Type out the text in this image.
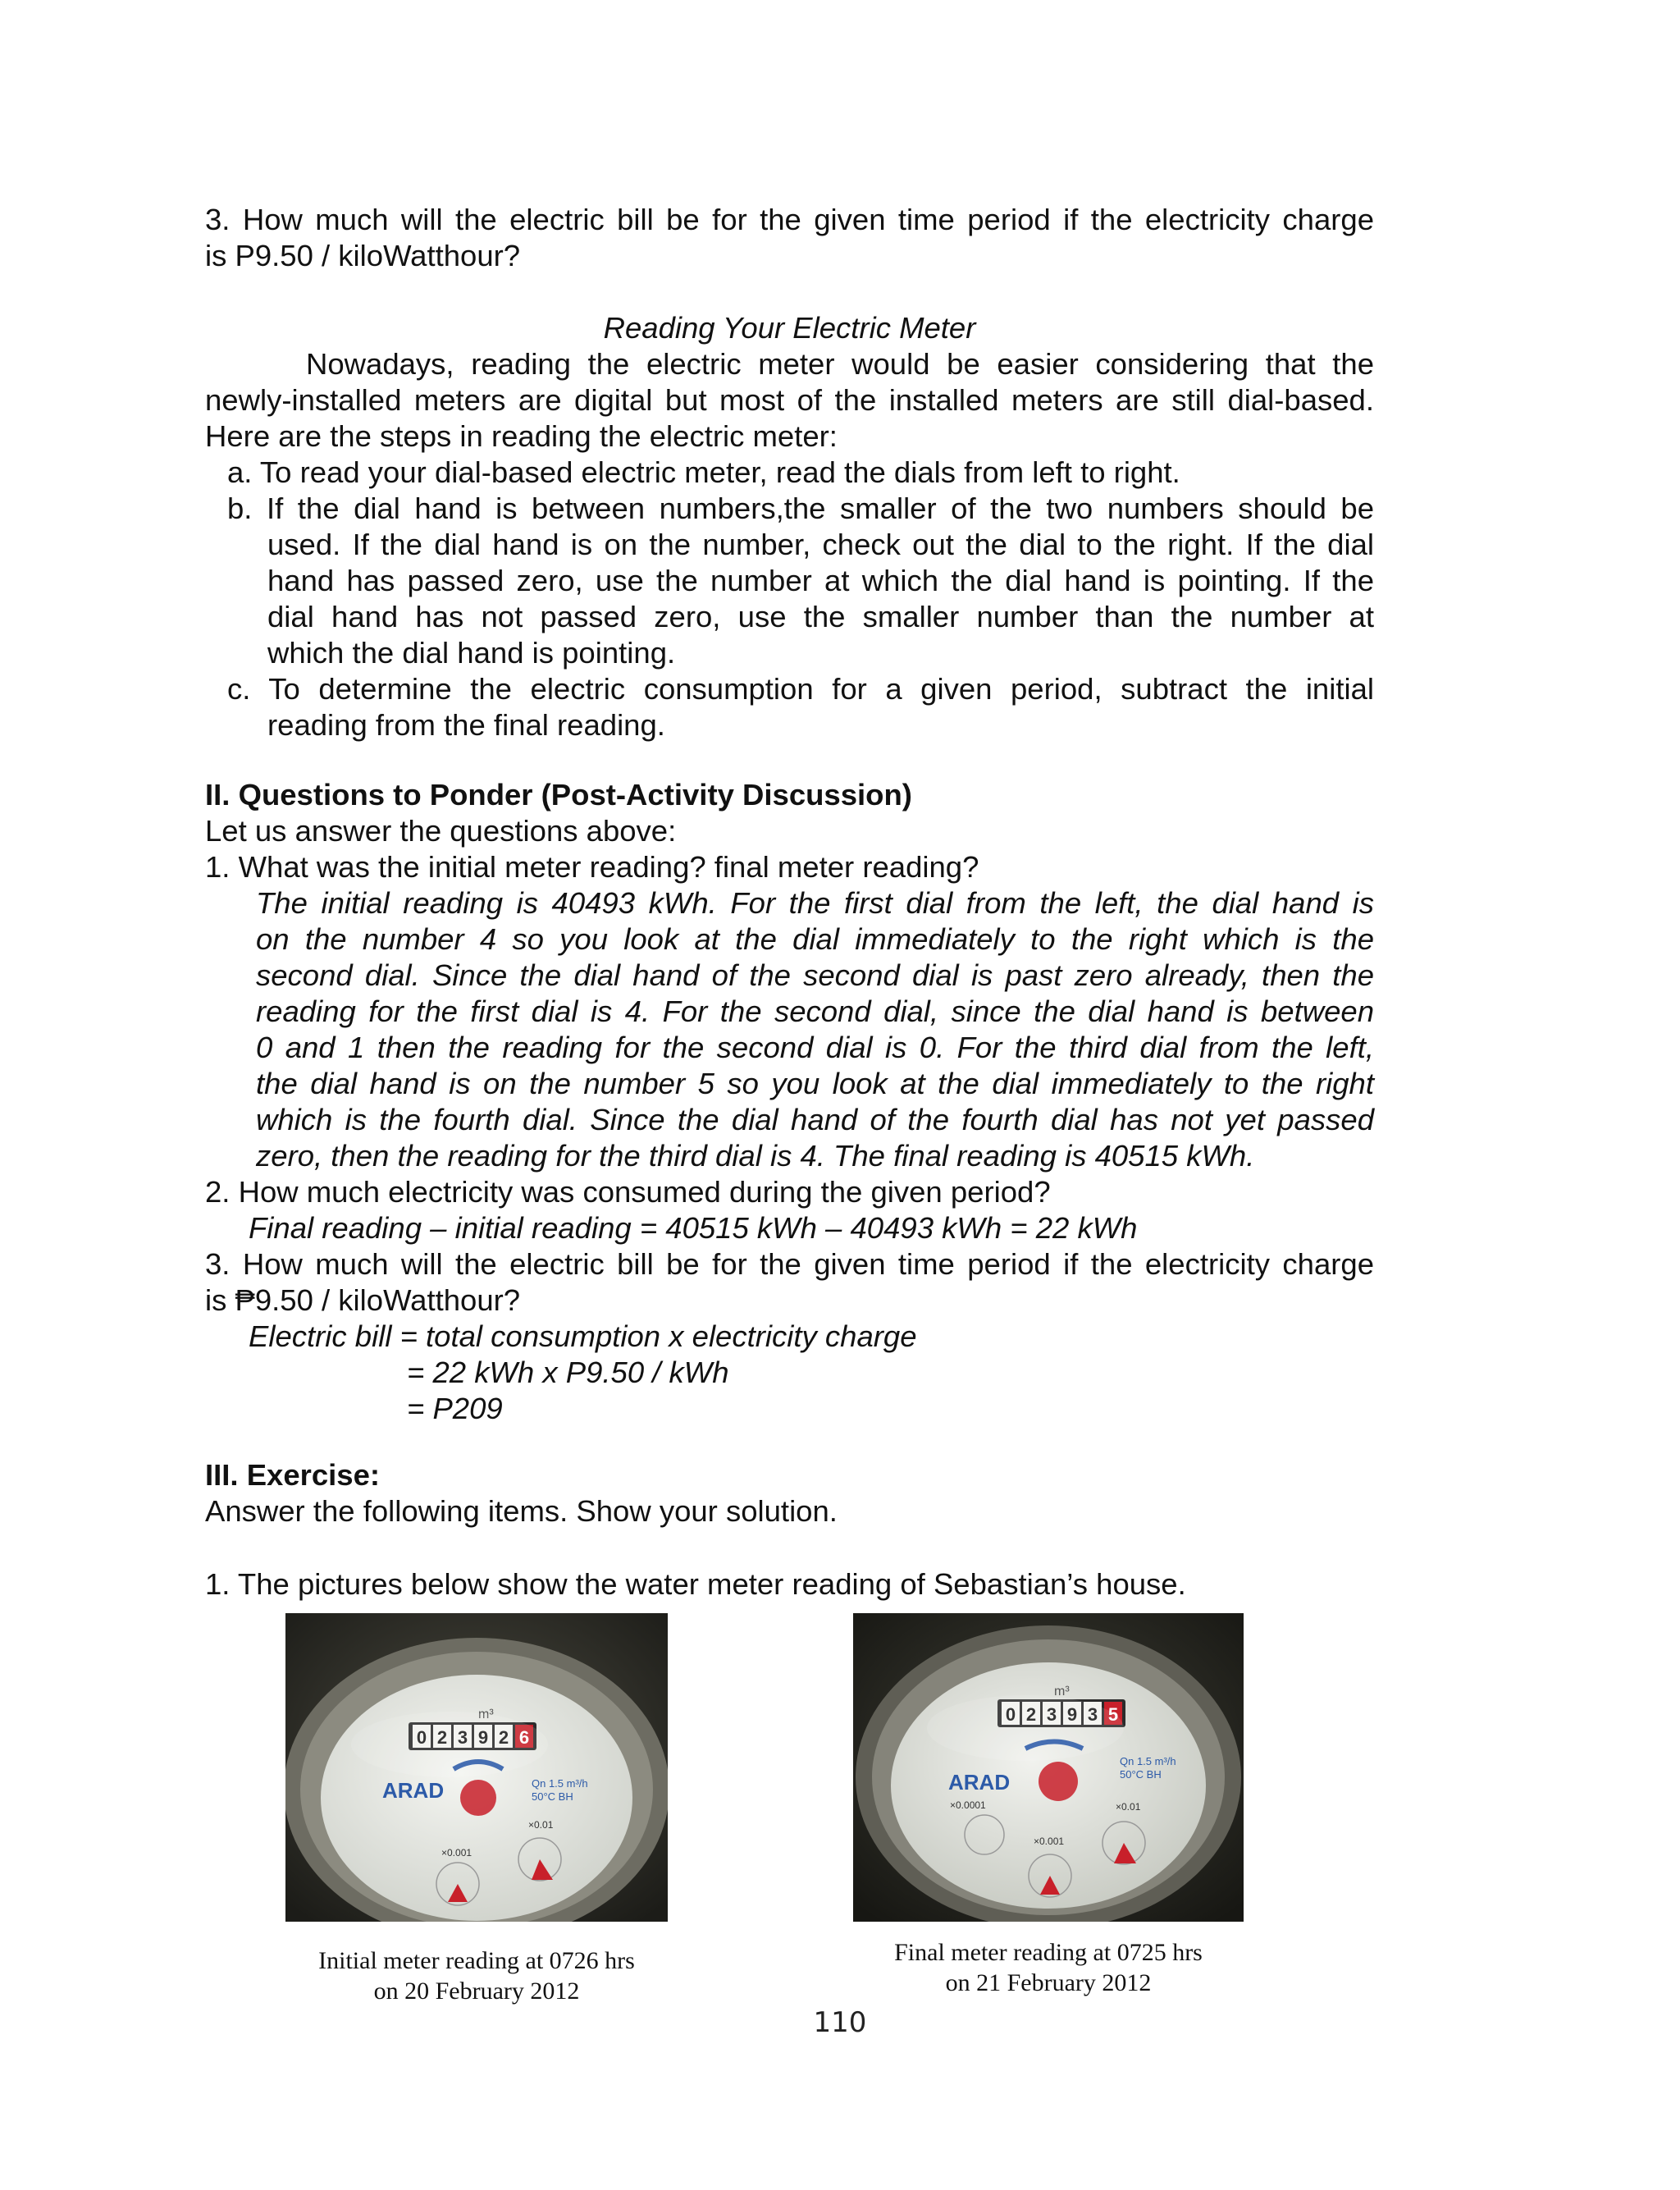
3. How much will the electric bill be for the given time period if the electricity charge
is P9.50 / kiloWatthour?
Reading Your Electric Meter
Nowadays, reading the electric meter would be easier considering that the
newly-installed meters are digital but most of the installed meters are still dial-based.
Here are the steps in reading the electric meter:
a. To read your dial-based electric meter, read the dials from left to right.
b. If the dial hand is between numbers,the smaller of the two numbers should be
used. If the dial hand is on the number, check out the dial to the right. If the dial
hand has passed zero, use the number at which the dial hand is pointing. If the
dial hand has not passed zero, use the smaller number than the number at
which the dial hand is pointing.
c. To determine the electric consumption for a given period, subtract the initial
reading from the final reading.
II. Questions to Ponder (Post-Activity Discussion)
Let us answer the questions above:
1. What was the initial meter reading? final meter reading?
The initial reading is 40493 kWh. For the first dial from the left, the dial hand is
on the number 4 so you look at the dial immediately to the right which is the
second dial. Since the dial hand of the second dial is past zero already, then the
reading for the first dial is 4. For the second dial, since the dial hand is between
0 and 1 then the reading for the second dial is 0. For the third dial from the left,
the dial hand is on the number 5 so you look at the dial immediately to the right
which is the fourth dial. Since the dial hand of the fourth dial has not yet passed
zero, then the reading for the third dial is 4. The final reading is 40515 kWh.
2. How much electricity was consumed during the given period?
Final reading – initial reading = 40515 kWh – 40493 kWh = 22 kWh
3. How much will the electric bill be for the given time period if the electricity charge
is ₱9.50 / kiloWatthour?
Electric bill = total consumption x electricity charge
= 22 kWh x P9.50 / kWh
= P209
III. Exercise:
Answer the following items. Show your solution.
1. The pictures below show the water meter reading of Sebastian’s house.
m³
0 2 3 9 2 6
ARAD	Qn 1.5 m³/h
50°C BH
×0.01
×0.001
Initial meter reading at 0726 hrs
on 20 February 2012
m³
0 2 3 9 3 5
ARAD
Qn 1.5 m³/h
50°C BH
×0.0001	×0.01
×0.001
Final meter reading at 0725 hrs
on 21 February 2012
110
